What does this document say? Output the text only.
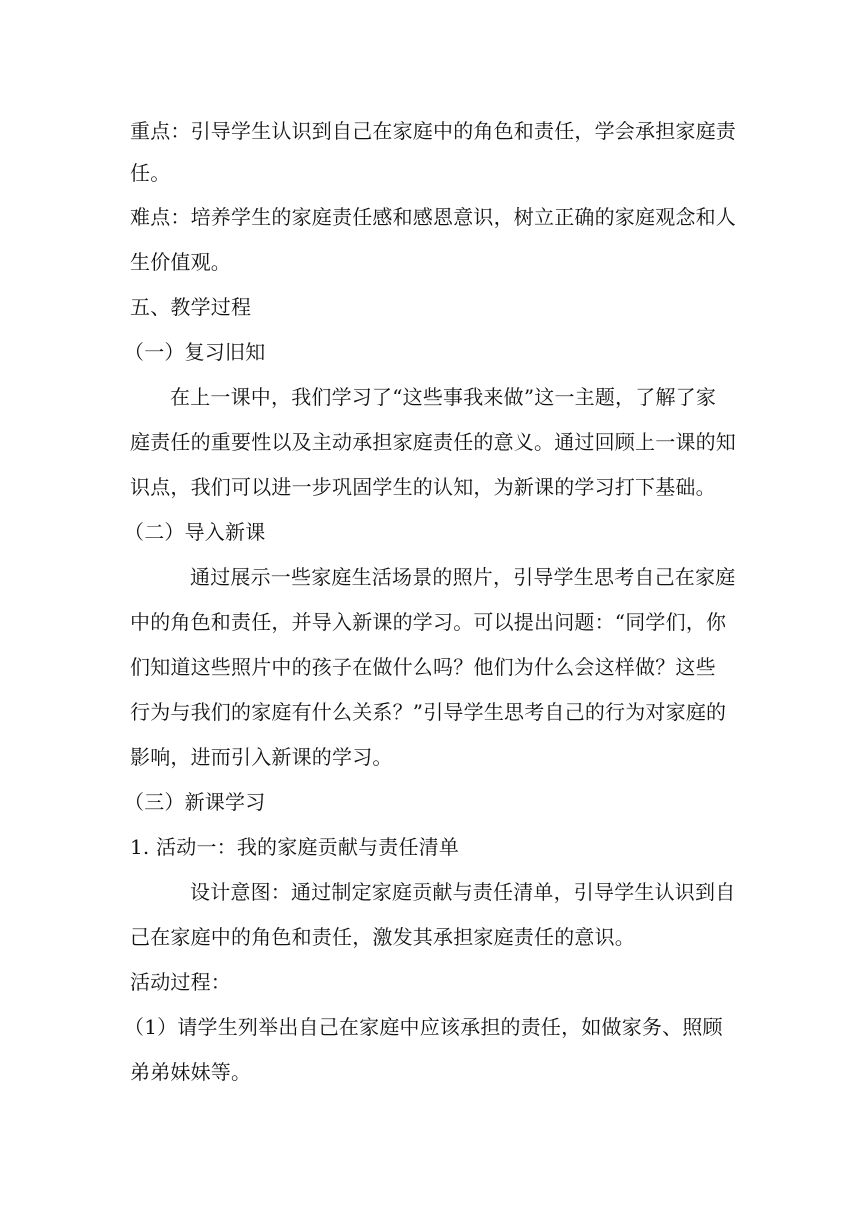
重点：引导学生认识到自己在家庭中的角色和责任，学会承担家庭责
任。
难点：培养学生的家庭责任感和感恩意识，树立正确的家庭观念和人
生价值观。
五、教学过程
（一）复习旧知
在上一课中，我们学习了“这些事我来做”这一主题，了解了家
庭责任的重要性以及主动承担家庭责任的意义。通过回顾上一课的知
识点，我们可以进一步巩固学生的认知，为新课的学习打下基础。
（二）导入新课
通过展示一些家庭生活场景的照片，引导学生思考自己在家庭
中的角色和责任，并导入新课的学习。可以提出问题：“同学们，你
们知道这些照片中的孩子在做什么吗？他们为什么会这样做？这些
行为与我们的家庭有什么关系？”引导学生思考自己的行为对家庭的
影响，进而引入新课的学习。
（三）新课学习
1. 活动一：我的家庭贡献与责任清单
设计意图：通过制定家庭贡献与责任清单，引导学生认识到自
己在家庭中的角色和责任，激发其承担家庭责任的意识。
活动过程：
（1）请学生列举出自己在家庭中应该承担的责任，如做家务、照顾
弟弟妹妹等。
